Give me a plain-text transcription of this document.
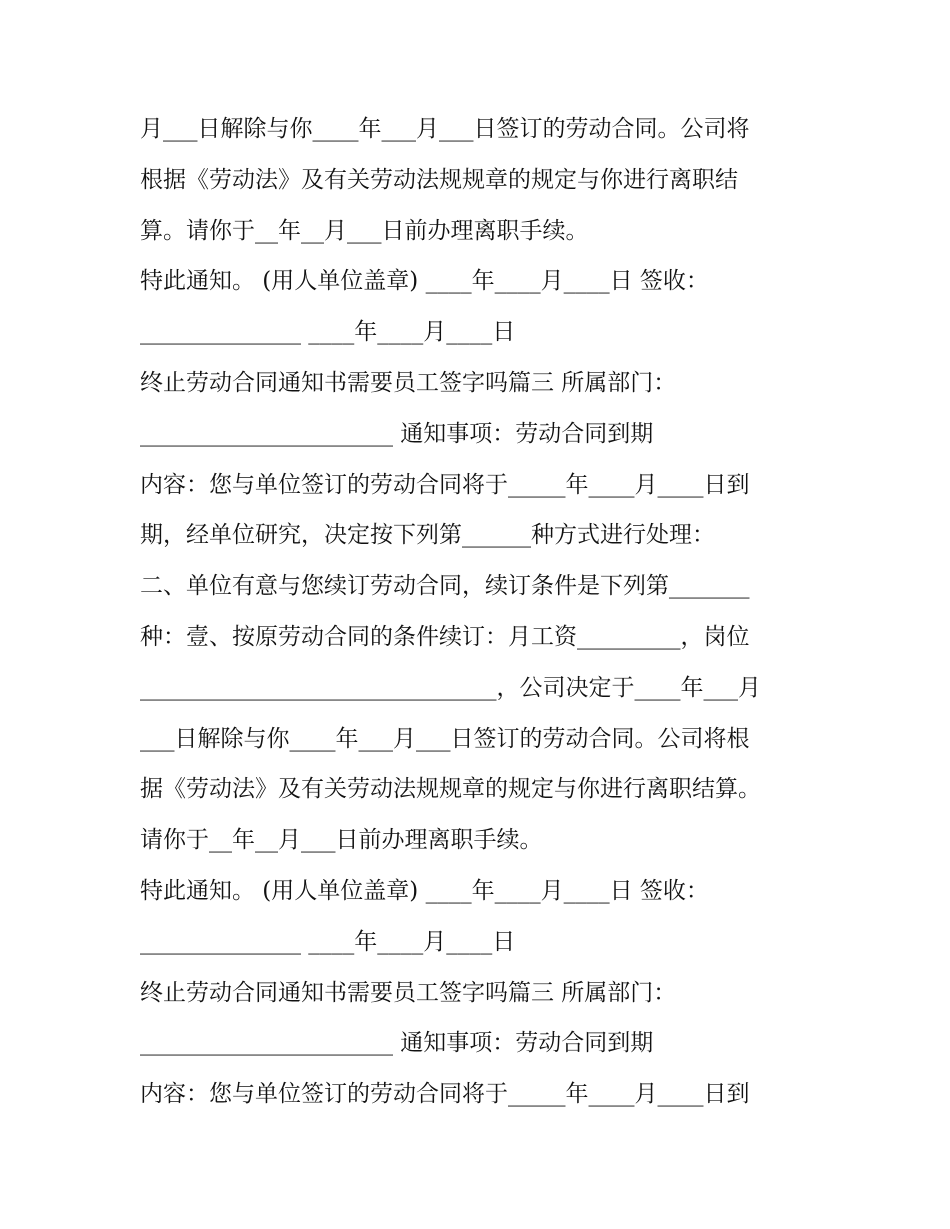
月___日解除与你____年___月___日签订的劳动合同。公司将
根据《劳动法》及有关劳动法规规章的规定与你进行离职结
算。请你于__年__月___日前办理离职手续。
特此通知。 (用人单位盖章) ____年____月____日 签收：
______________ ____年____月____日
终止劳动合同通知书需要员工签字吗篇三 所属部门：
______________________ 通知事项：劳动合同到期
内容：您与单位签订的劳动合同将于_____年____月____日到
期，经单位研究，决定按下列第______种方式进行处理：
二、单位有意与您续订劳动合同，续订条件是下列第_______
种：壹、按原劳动合同的条件续订：月工资_________，岗位
_______________________________，公司决定于____年___月
___日解除与你____年___月___日签订的劳动合同。公司将根
据《劳动法》及有关劳动法规规章的规定与你进行离职结算。
请你于__年__月___日前办理离职手续。
特此通知。 (用人单位盖章) ____年____月____日 签收：
______________ ____年____月____日
终止劳动合同通知书需要员工签字吗篇三 所属部门：
______________________ 通知事项：劳动合同到期
内容：您与单位签订的劳动合同将于_____年____月____日到
